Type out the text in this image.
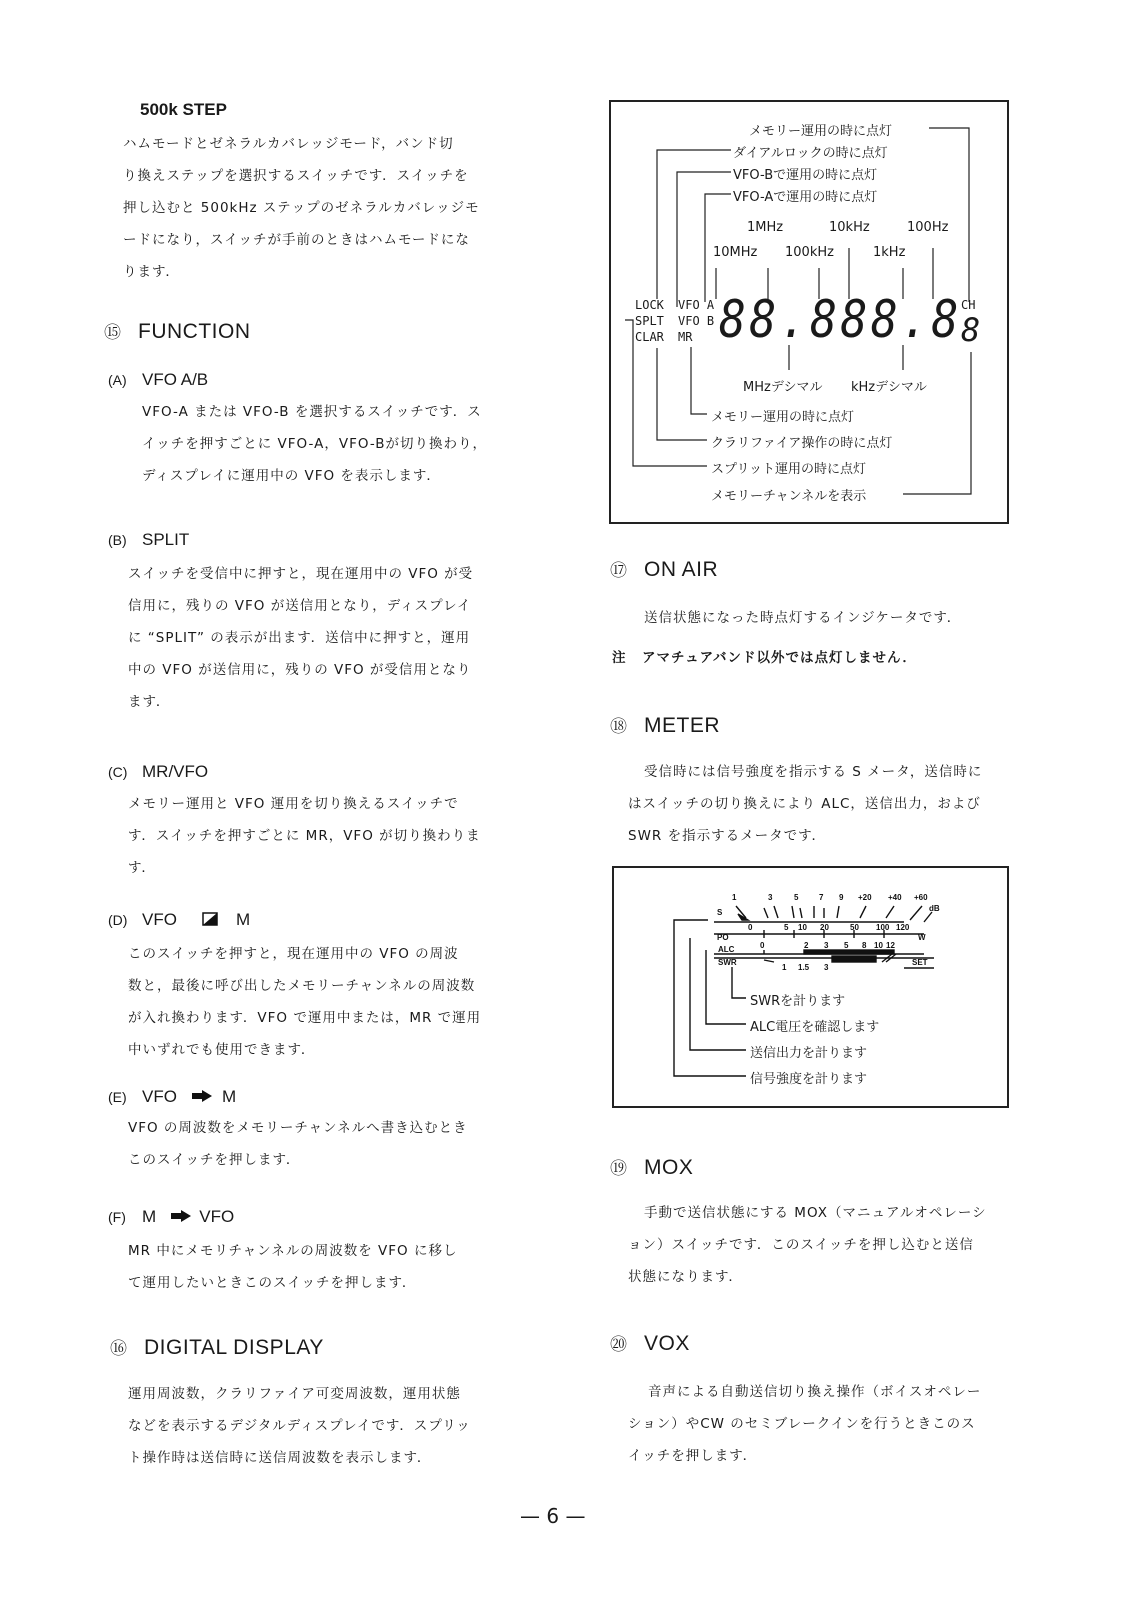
500k STEP
ハムモードとゼネラルカバレッジモード，バンド切
り換えステップを選択するスイッチです．スイッチを
押し込むと 500kHz ステップのゼネラルカバレッジモ
ードになり，スイッチが手前のときはハムモードにな
ります．
⑮ FUNCTION
(A) VFO A/B
VFO-A または VFO-B を選択するスイッチです．ス
イッチを押すごとに VFO-A，VFO-Bが切り換わり，
ディスプレイに運用中の VFO を表示します．
(B) SPLIT
スイッチを受信中に押すと，現在運用中の VFO が受
信用に，残りの VFO が送信用となり，ディスプレイ
に “SPLIT” の表示が出ます．送信中に押すと，運用
中の VFO が送信用に，残りの VFO が受信用となり
ます．
(C) MR/VFO
メモリー運用と VFO 運用を切り換えるスイッチで
す．スイッチを押すごとに MR，VFO が切り換わりま
す．
(D) VFO	M
このスイッチを押すと，現在運用中の VFO の周波
数と，最後に呼び出したメモリーチャンネルの周波数
が入れ換わります．VFO で運用中または，MR で運用
中いずれでも使用できます．
(E) VFO	M
VFO の周波数をメモリーチャンネルへ書き込むとき
このスイッチを押します．
(F) M	VFO
MR 中にメモリチャンネルの周波数を VFO に移し
て運用したいときこのスイッチを押します．
⑯ DIGITAL DISPLAY
運用周波数，クラリファイア可変周波数，運用状態
などを表示するデジタルディスプレイです．スプリッ
ト操作時は送信時に送信周波数を表示します．
メモリー運用の時に点灯
ダイアルロックの時に点灯
VFO-Bで運用の時に点灯
VFO-Aで運用の時に点灯
1MHz	10kHz	100Hz
10MHz 100kHz	1kHz
LOCK
SPLT
CLAR
VFO A
VFO B
MR
CH
88.888.8 8
MHzデシマル kHzデシマル
メモリー運用の時に点灯
クラリファイア操作の時に点灯
スプリット運用の時に点灯
メモリーチャンネルを表示
⑰ ON AIR
送信状態になった時点灯するインジケータです．
注 アマチュアバンド以外では点灯しません．
⑱ METER
受信時には信号強度を指示する S メータ，送信時に
はスイッチの切り換えにより ALC，送信出力，および
SWR を指示するメータです．
1	3	5	7 9 +20 +40 +60
dB
S
0	5 10 20	50 100 120
W
PO
0	2 3 5 8 10 12
ALC
SWR
1 1.5 3
SET
SWRを計ります
ALC電圧を確認します
送信出力を計ります
信号強度を計ります
⑲ MOX
手動で送信状態にする MOX（マニュアルオペレーシ
ョン）スイッチです．このスイッチを押し込むと送信
状態になります．
⑳ VOX
音声による自動送信切り換え操作（ボイスオペレー
ション）やCW のセミブレークインを行うときこのス
イッチを押します．
— 6 —
